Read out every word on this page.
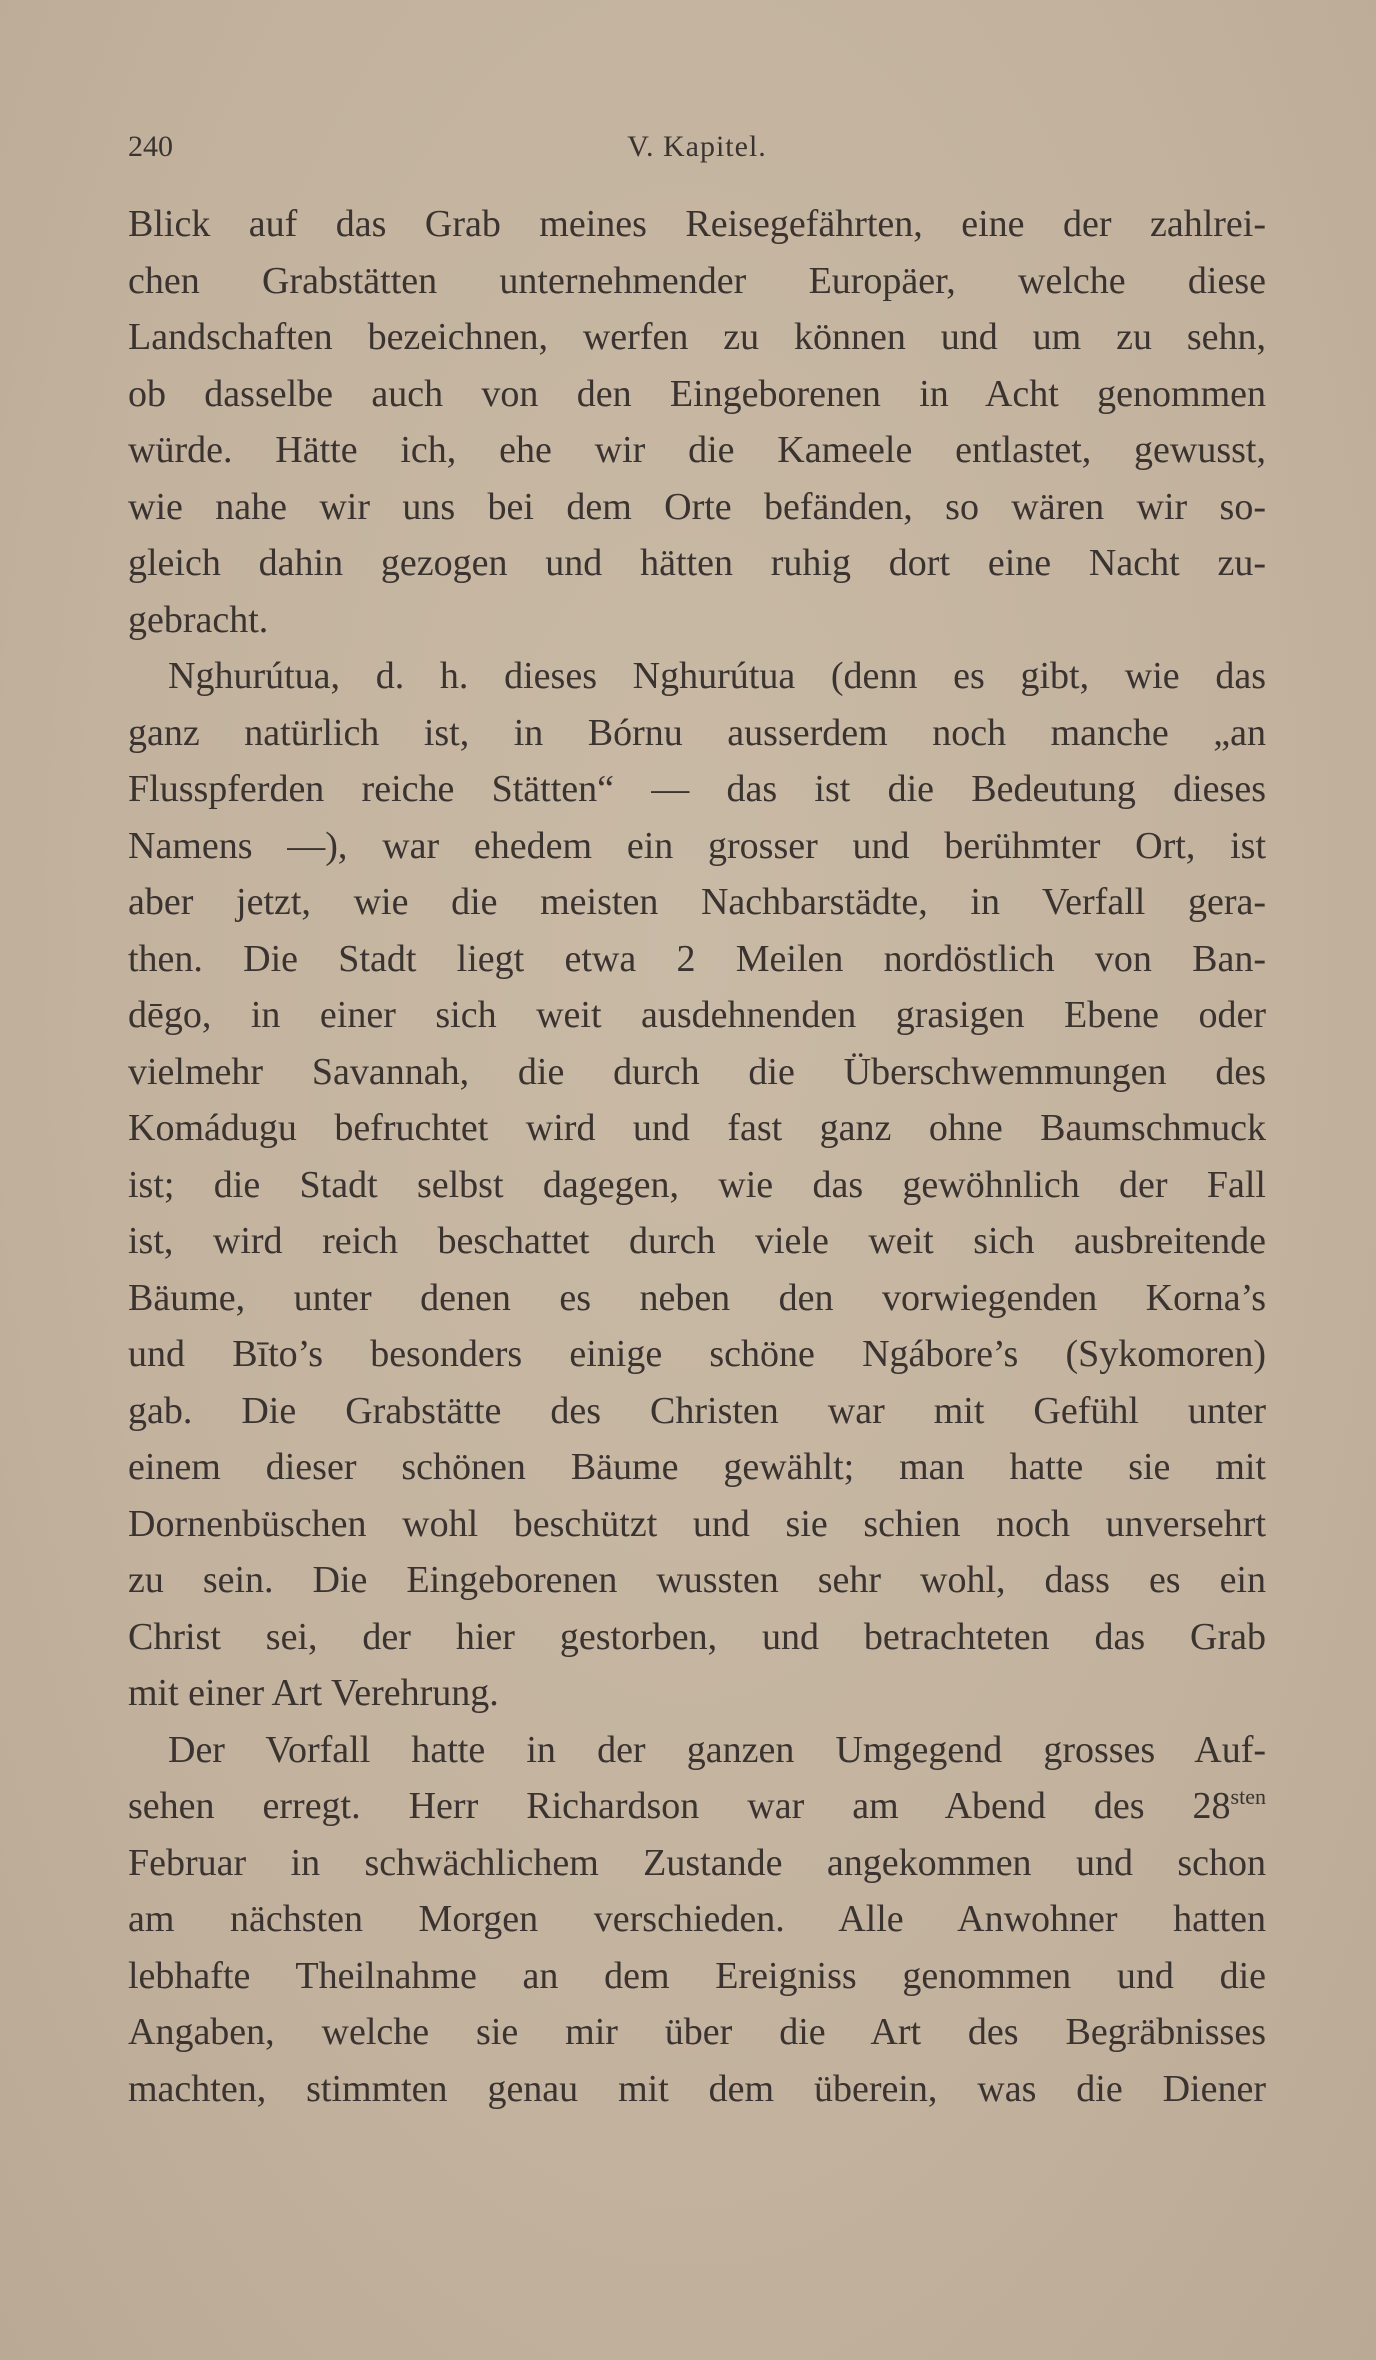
240	V. Kapitel.
Blick auf das Grab meines Reisegefährten, eine der zahlrei-
chen Grabstätten unternehmender Europäer, welche diese
Landschaften bezeichnen, werfen zu können und um zu sehn,
ob dasselbe auch von den Eingeborenen in Acht genommen
würde. Hätte ich, ehe wir die Kameele entlastet, gewusst,
wie nahe wir uns bei dem Orte befänden, so wären wir so-
gleich dahin gezogen und hätten ruhig dort eine Nacht zu-
gebracht.
Nghurútua, d. h. dieses Nghurútua (denn es gibt, wie das
ganz natürlich ist, in Bórnu ausserdem noch manche „an
Flusspferden reiche Stätten“ — das ist die Bedeutung dieses
Namens —), war ehedem ein grosser und berühmter Ort, ist
aber jetzt, wie die meisten Nachbarstädte, in Verfall gera-
then. Die Stadt liegt etwa 2 Meilen nordöstlich von Ban-
dēgo, in einer sich weit ausdehnenden grasigen Ebene oder
vielmehr Savannah, die durch die Überschwemmungen des
Komádugu befruchtet wird und fast ganz ohne Baumschmuck
ist; die Stadt selbst dagegen, wie das gewöhnlich der Fall
ist, wird reich beschattet durch viele weit sich ausbreitende
Bäume, unter denen es neben den vorwiegenden Korna’s
und Bīto’s besonders einige schöne Ngábore’s (Sykomoren)
gab. Die Grabstätte des Christen war mit Gefühl unter
einem dieser schönen Bäume gewählt; man hatte sie mit
Dornenbüschen wohl beschützt und sie schien noch unversehrt
zu sein. Die Eingeborenen wussten sehr wohl, dass es ein
Christ sei, der hier gestorben, und betrachteten das Grab
mit einer Art Verehrung.
Der Vorfall hatte in der ganzen Umgegend grosses Auf-
sehen erregt. Herr Richardson war am Abend des $28^{sten}$
Februar in schwächlichem Zustande angekommen und schon
am nächsten Morgen verschieden. Alle Anwohner hatten
lebhafte Theilnahme an dem Ereigniss genommen und die
Angaben, welche sie mir über die Art des Begräbnisses
machten, stimmten genau mit dem überein, was die Diener
